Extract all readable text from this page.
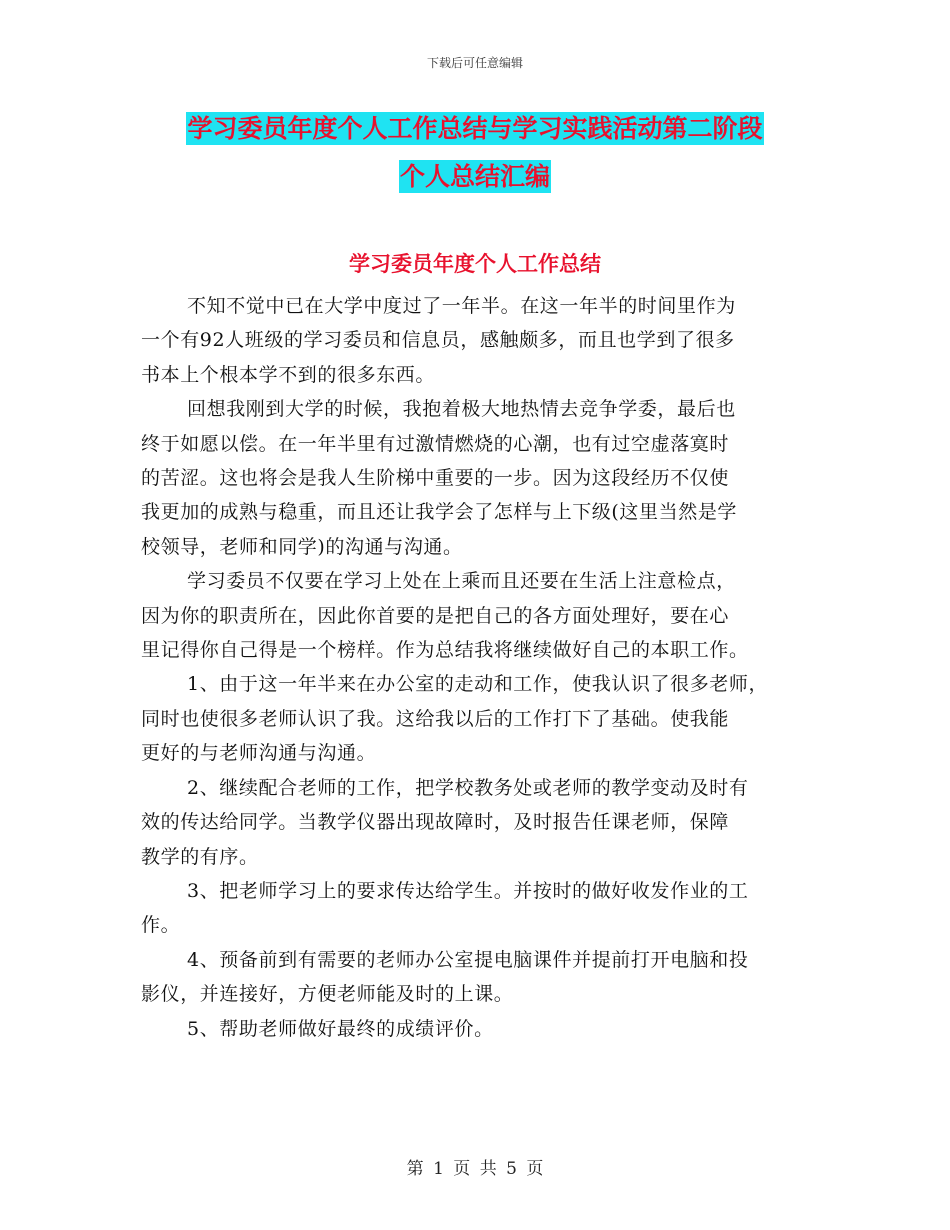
下载后可任意编辑
学习委员年度个人工作总结与学习实践活动第二阶段
个人总结汇编
学习委员年度个人工作总结

不知不觉中已在大学中度过了一年半。在这一年半的时间里作为
一个有92人班级的学习委员和信息员，感触颇多，而且也学到了很多
书本上个根本学不到的很多东西。

回想我刚到大学的时候，我抱着极大地热情去竞争学委，最后也
终于如愿以偿。在一年半里有过激情燃烧的心潮，也有过空虚落寞时
的苦涩。这也将会是我人生阶梯中重要的一步。因为这段经历不仅使
我更加的成熟与稳重，而且还让我学会了怎样与上下级(这里当然是学
校领导，老师和同学)的沟通与沟通。

学习委员不仅要在学习上处在上乘而且还要在生活上注意检点，
因为你的职责所在，因此你首要的是把自己的各方面处理好，要在心
里记得你自己得是一个榜样。作为总结我将继续做好自己的本职工作。

1、由于这一年半来在办公室的走动和工作，使我认识了很多老师，
同时也使很多老师认识了我。这给我以后的工作打下了基础。使我能
更好的与老师沟通与沟通。

2、继续配合老师的工作，把学校教务处或老师的教学变动及时有
效的传达给同学。当教学仪器出现故障时，及时报告任课老师，保障
教学的有序。

3、把老师学习上的要求传达给学生。并按时的做好收发作业的工
作。

4、预备前到有需要的老师办公室提电脑课件并提前打开电脑和投
影仪，并连接好，方便老师能及时的上课。

5、帮助老师做好最终的成绩评价。

第 1 页 共 5 页
